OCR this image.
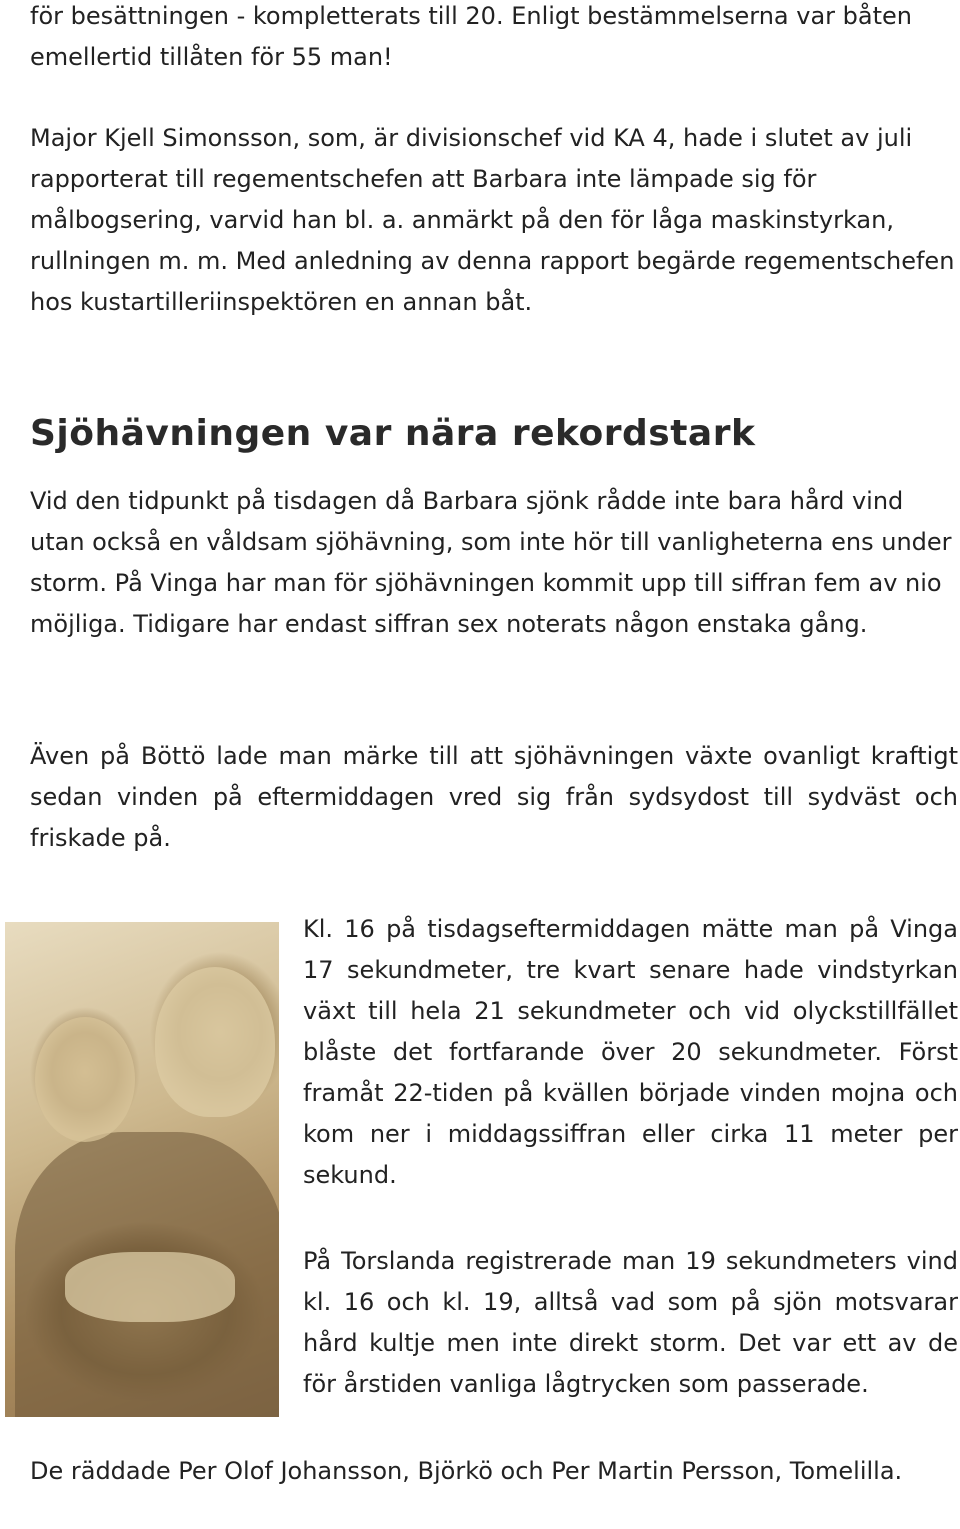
för besättningen - kompletterats till 20. Enligt bestämmelserna var båten emellertid tillåten för 55 man!

Major Kjell Simonsson, som, är divisionschef vid KA 4, hade i slutet av juli rapporterat till regementschefen att Barbara inte lämpade sig för målbogsering, varvid han bl. a. anmärkt på den för låga maskinstyrkan, rullningen m. m. Med anledning av denna rapport begärde regementschefen hos kustartilleriinspektören en annan båt.

Sjöhävningen var nära rekordstark

Vid den tidpunkt på tisdagen då Barbara sjönk rådde inte bara hård vind utan också en våldsam sjöhävning, som inte hör till vanligheterna ens under storm. På Vinga har man för sjöhävningen kommit upp till siffran fem av nio möjliga. Tidigare har endast siffran sex noterats någon enstaka gång.

Även på Böttö lade man märke till att sjöhävningen växte ovanligt kraftigt sedan vinden på eftermiddagen vred sig från sydsydost till sydväst och friskade på.

Kl. 16 på tisdagseftermiddagen mätte man på Vinga 17 sekundmeter, tre kvart senare hade vindstyrkan växt till hela 21 sekundmeter och vid olyckstillfället blåste det fortfarande över 20 sekundmeter. Först framåt 22-tiden på kvällen började vinden mojna och kom ner i middagssiffran eller cirka 11 meter per sekund.

På Torslanda registrerade man 19 sekundmeters vind kl. 16 och kl. 19, alltså vad som på sjön motsvarar hård kultje men inte direkt storm. Det var ett av de för årstiden vanliga lågtrycken som passerade.

De räddade Per Olof Johansson, Björkö och Per Martin Persson, Tomelilla.
